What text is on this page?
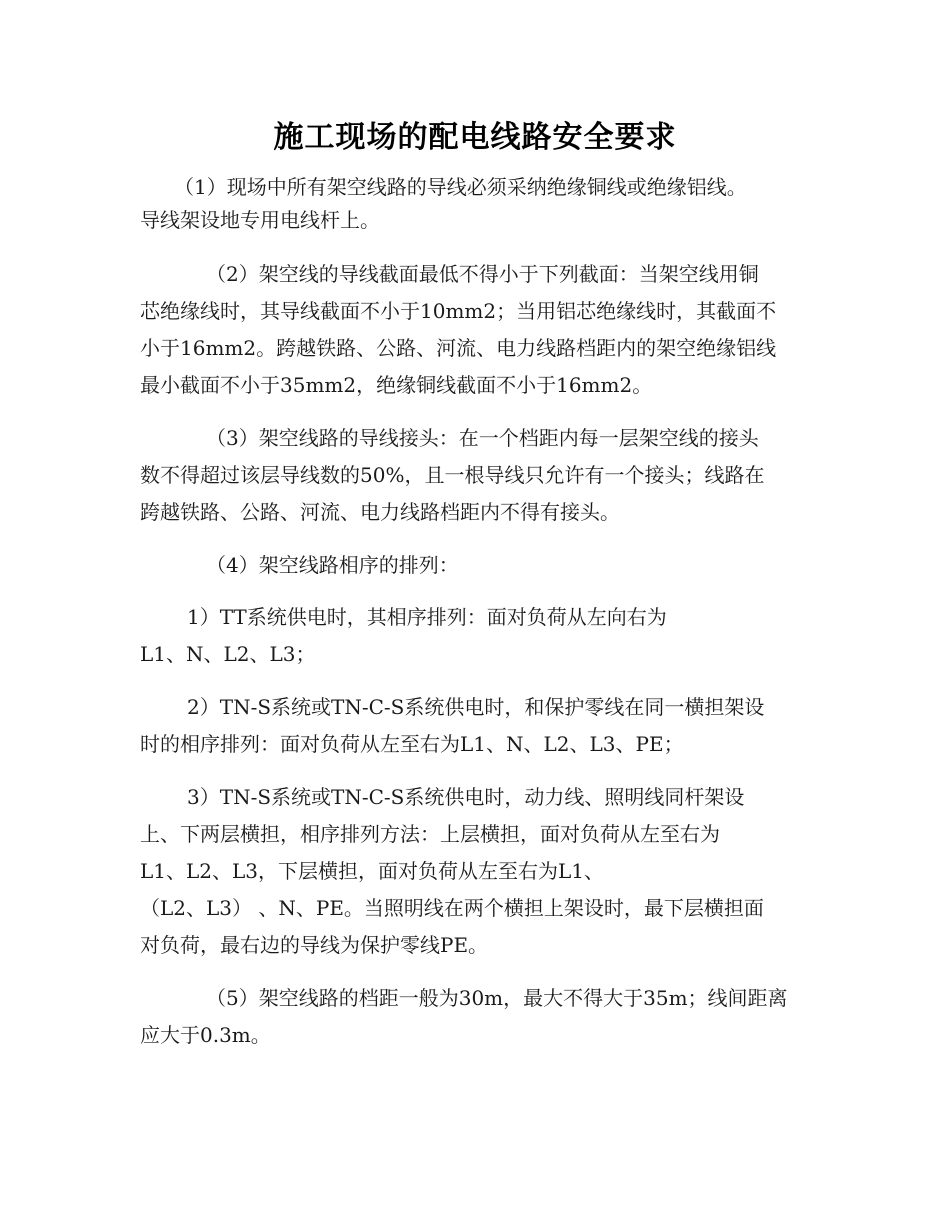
施工现场的配电线路安全要求
（1）现场中所有架空线路的导线必须采纳绝缘铜线或绝缘铝线。
导线架设地专用电线杆上。
（2）架空线的导线截面最低不得小于下列截面：当架空线用铜
芯绝缘线时，其导线截面不小于10mm2；当用铝芯绝缘线时，其截面不
小于16mm2。跨越铁路、公路、河流、电力线路档距内的架空绝缘铝线
最小截面不小于35mm2，绝缘铜线截面不小于16mm2。
（3）架空线路的导线接头：在一个档距内每一层架空线的接头
数不得超过该层导线数的50%，且一根导线只允许有一个接头；线路在
跨越铁路、公路、河流、电力线路档距内不得有接头。
（4）架空线路相序的排列：
1）TT系统供电时，其相序排列：面对负荷从左向右为
L1、N、L2、L3；
2）TN-S系统或TN-C-S系统供电时，和保护零线在同一横担架设
时的相序排列：面对负荷从左至右为L1、N、L2、L3、PE；
3）TN-S系统或TN-C-S系统供电时，动力线、照明线同杆架设
上、下两层横担，相序排列方法：上层横担，面对负荷从左至右为
L1、L2、L3，下层横担，面对负荷从左至右为L1、
（L2、L3） 、N、PE。当照明线在两个横担上架设时，最下层横担面
对负荷，最右边的导线为保护零线PE。
（5）架空线路的档距一般为30m，最大不得大于35m；线间距离
应大于0.3m。
